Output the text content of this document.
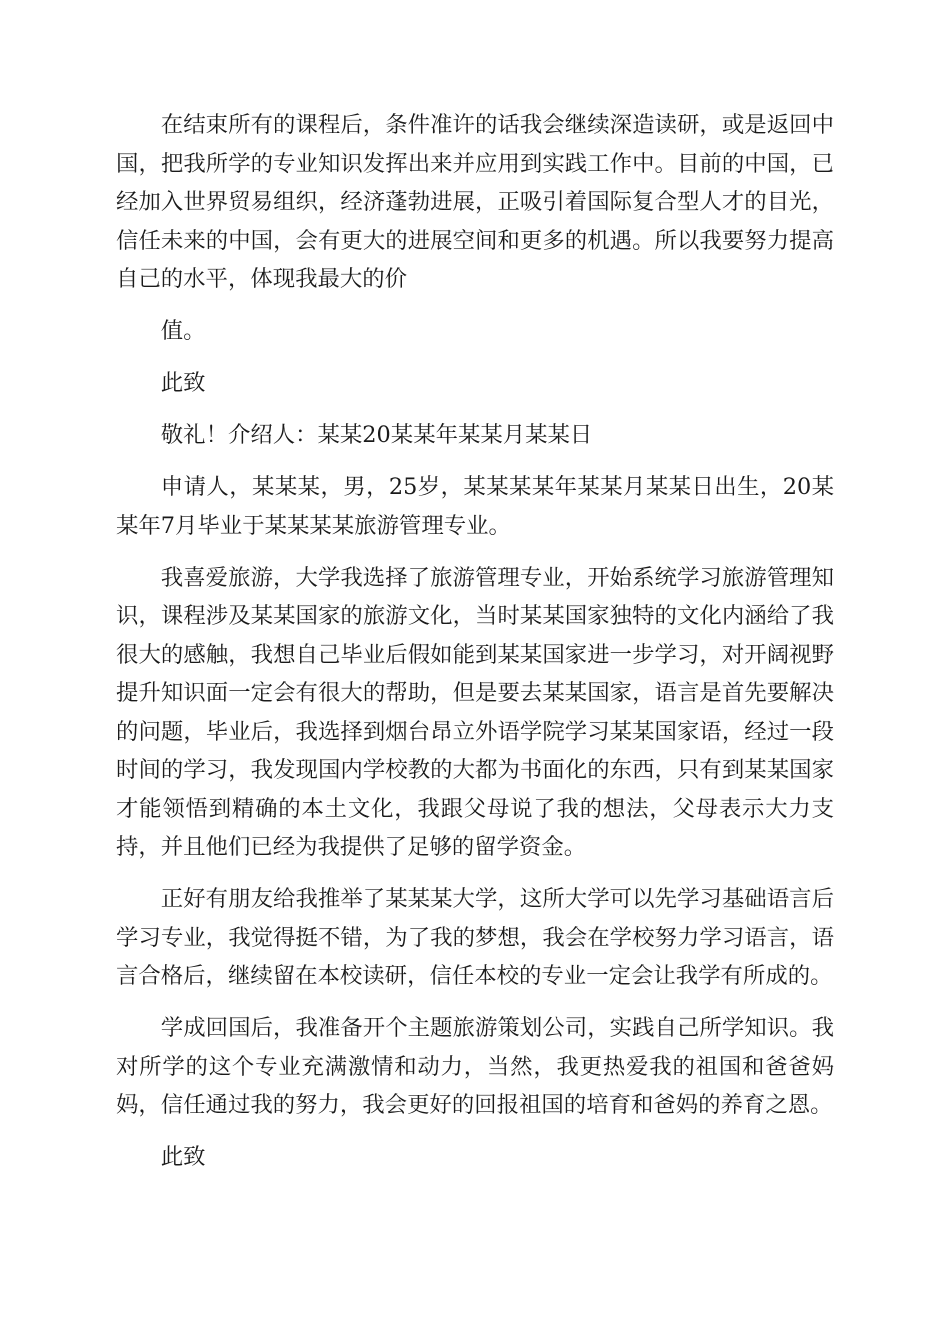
在结束所有的课程后，条件准许的话我会继续深造读研，或是返回中国，把我所学的专业知识发挥出来并应用到实践工作中。目前的中国，已经加入世界贸易组织，经济蓬勃进展，正吸引着国际复合型人才的目光，信任未来的中国，会有更大的进展空间和更多的机遇。所以我要努力提高自己的水平，体现我最大的价

值。

此致

敬礼！介绍人：某某20某某年某某月某某日

申请人，某某某，男，25岁，某某某某年某某月某某日出生，20某某年7月毕业于某某某某旅游管理专业。

我喜爱旅游，大学我选择了旅游管理专业，开始系统学习旅游管理知识，课程涉及某某国家的旅游文化，当时某某国家独特的文化内涵给了我很大的感触，我想自己毕业后假如能到某某国家进一步学习，对开阔视野提升知识面一定会有很大的帮助，但是要去某某国家，语言是首先要解决的问题，毕业后，我选择到烟台昂立外语学院学习某某国家语，经过一段时间的学习，我发现国内学校教的大都为书面化的东西，只有到某某国家才能领悟到精确的本土文化，我跟父母说了我的想法，父母表示大力支持，并且他们已经为我提供了足够的留学资金。

正好有朋友给我推举了某某某大学，这所大学可以先学习基础语言后学习专业，我觉得挺不错，为了我的梦想，我会在学校努力学习语言，语言合格后，继续留在本校读研，信任本校的专业一定会让我学有所成的。

学成回国后，我准备开个主题旅游策划公司，实践自己所学知识。我对所学的这个专业充满激情和动力，当然，我更热爱我的祖国和爸爸妈妈，信任通过我的努力，我会更好的回报祖国的培育和爸妈的养育之恩。

此致
